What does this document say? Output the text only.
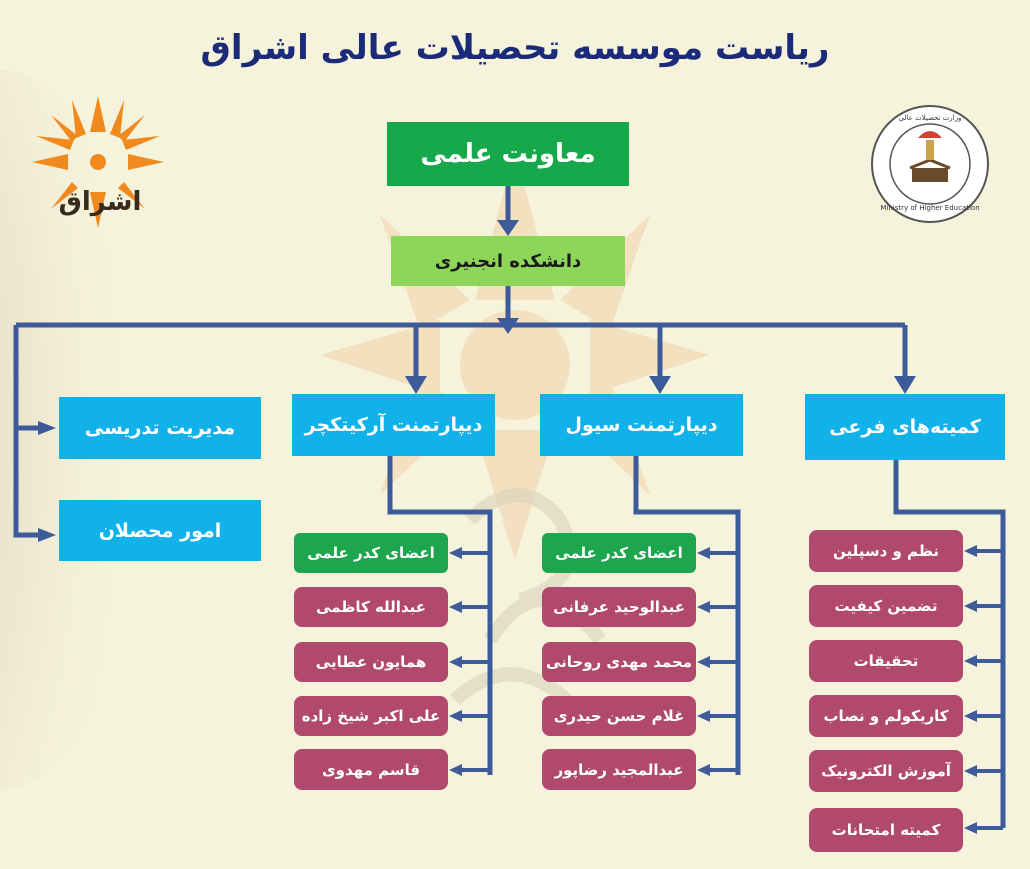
اشراق	Ministry of Higher Education
وزارت تحصیلات عالی
ریاست موسسه تحصیلات عالی اشراق
معاونت علمی
دانشکده انجنیری
مدیریت تدریسی
امور محصلان
دیپارتمنت آرکیتکچر	دیپارتمنت سیول	کمیته‌های فرعی
اعضای کدر علمی
عبدالله کاظمی
همایون عطایی
علی اکبر شیخ زاده
قاسم مهدوی
اعضای کدر علمی
عبدالوحید عرفانی
محمد مهدی روحانی
غلام حسن حیدری
عبدالمجید رضاپور
نظم و دسپلین
تضمین کیفیت
تحقیقات
کاریکولم و نصاب
آموزش الکترونیک
کمیته امتحانات
